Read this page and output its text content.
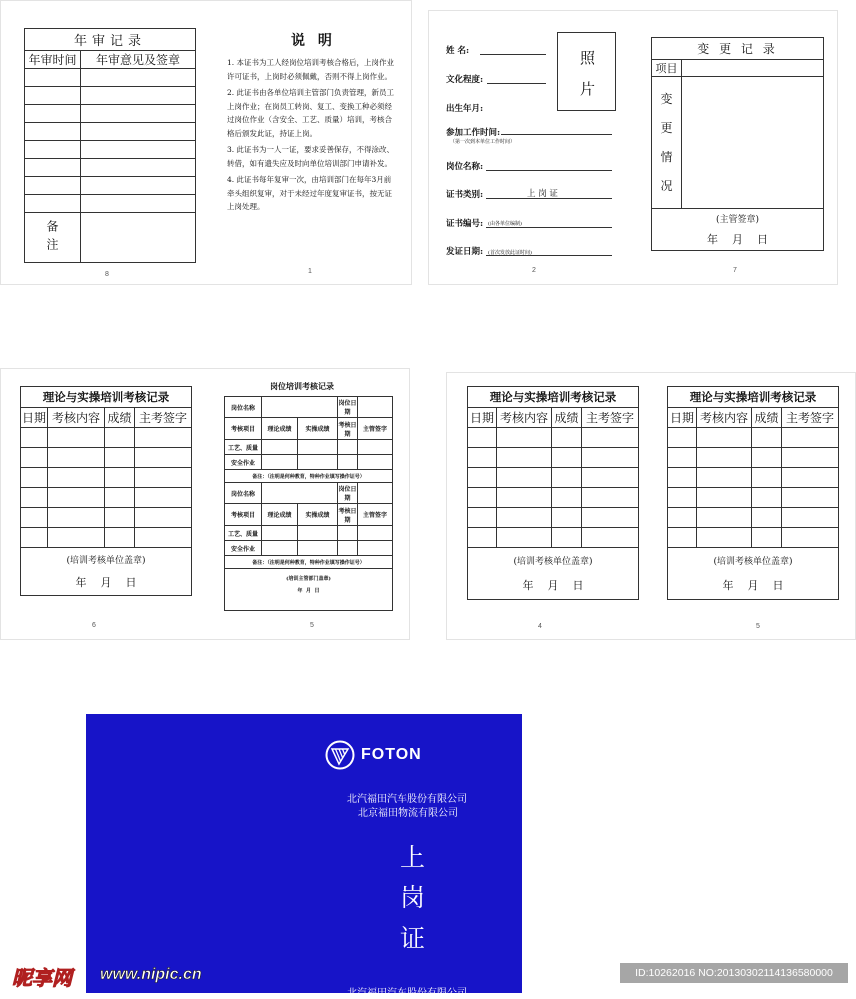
年审记录	
年审时间	年审意见及签章

备注	

8
说 明
1. 本证书为工人经岗位培训考核合格后，上岗作业许可证书，上岗时必须佩戴，否则不得上岗作业。
2. 此证书由各单位培训主管部门负责管理，新员工上岗作业；在岗员工转岗、复工、变换工种必须经过岗位作业（含安全、工艺、质量）培训，考核合格后颁发此证，持证上岗。
3. 此证书为一人一证，要求妥善保存，不得涂改、转借，如有遗失应及时向单位培训部门申请补发。
4. 此证书每年复审一次，由培训部门在每年3月前牵头组织复审，对于未经过年度复审证书，按无证上岗处理。
1
姓 名:
文化程度:
出生年月:
照
片
参加工作时间:
（第一次到本单位工作时间）
岗位名称:
证书类别:	上 岗 证
证书编号: (由各单位编制)
发证日期: (首次发放此证时间)
2
变 更 记 录	
项目	

变
更
情
况	

(主管签章)
年    月    日	
7
理论与实操培训考核记录			
日期	考核内容	成绩	主考签字

(培训考核单位盖章)
年    月    日			
6
岗位培训考核记录
岗位名称			岗位日期	
考核项目	理论成绩	实操成绩	考核日期	主管签字
工艺、质量				
安全作业				
备注：（注明是何种教育，特种作业填写操作证号）				
岗位名称			岗位日期	
考核项目	理论成绩	实操成绩	考核日期	主管签字
工艺、质量				
安全作业				
备注：（注明是何种教育，特种作业填写操作证号）				

(培训主管部门盖章)
年  月  日				
5
理论与实操培训考核记录			
日期	考核内容	成绩	主考签字

(培训考核单位盖章)
年    月    日			
4
理论与实操培训考核记录			
日期	考核内容	成绩	主考签字

(培训考核单位盖章)
年    月    日			
5
FOTON
北汽福田汽车股份有限公司
北京福田物流有限公司
上
岗
证
北汽福田汽车股份有限公司
昵享网 www.nipic.cn	ID:10262016 NO:20130302114136580000
